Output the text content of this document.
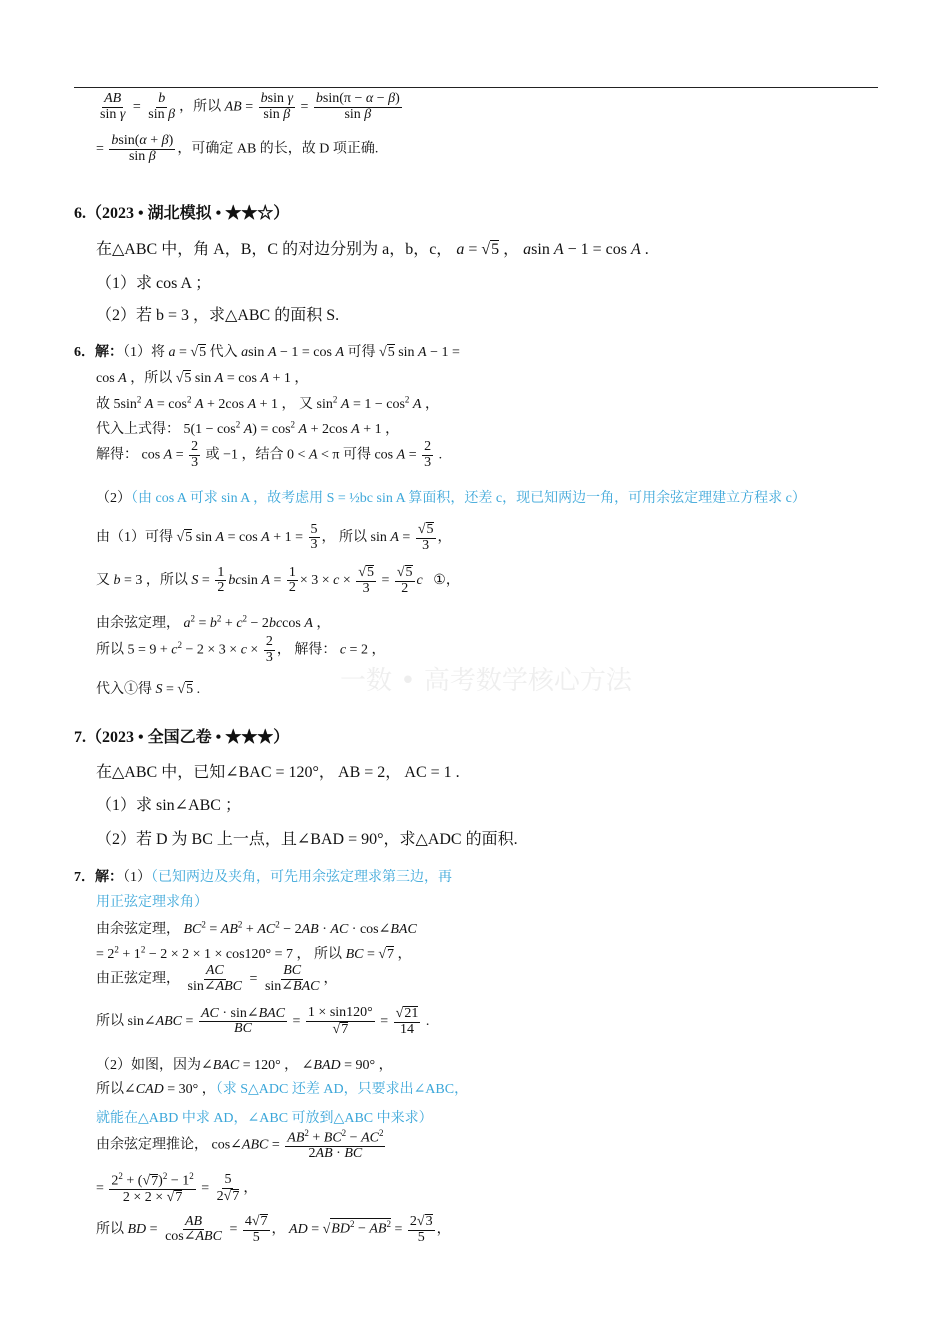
$\frac{AB}{\text{sin γ}} = \frac{b}{\text{sin β}}$ ，所以 AB = $\frac{\text{bsin γ}}{\text{sin β}} = \frac{bsin(\pi - \alpha - \beta)}{\text{sin β}}$
= $\frac{bsin(\alpha + \beta)}{\text{sin β}}$ ，可确定 AB 的长，故 D 项正确.
6.（2023 • 湖北模拟 • ★★☆）
在△ABC 中，角 A，B，C 的对边分别为 a，b，c， a = √5 ， asin A − 1 = cos A .
（1）求 cos A ；
（2）若 b = 3 ，求△ABC 的面积 S.
6．解：（1）将 a = √5 代入 asin A − 1 = cos A 可得 √5 sin A − 1 =
cos A ，所以 √5 sin A = cos A + 1 ，
故 $5\sin^2$ $A = \cos^2 A + 2\cos$ A + 1 ， 又 $\sin^2 A = 1 - \cos^2 A$ ，
代入上式得： $5(1 - \cos^2 A) = \cos^2 A + 2\cos$ A + 1 ，
解得： $\cos A = \frac{2}{3}$ 或 −1 ，结合 0 < A < π 可得 $\cos A = \frac{2}{3}$ .
（2）（由 cos A 可求 sin A ，故考虑用 S = ½bc sin A 算面积，还差 c，现已知两边一角，可用余弦定理建立方程求 c）
由（1）可得 √5 $\sin A = \cos A + 1 = \frac{5}{3}$ ， 所以 $\sin A = \frac{√5}{3}$ ，
又 b = 3 ，所以 $S = \frac{1}{2}$ bcsin $A = \frac{1}{2} \times 3 \times c \times \frac{√5}{3} = \frac{√5}{2}$ c   ①，
由余弦定理， $a^2 = b^2 + c^2 - 2bccos$ A ，
所以 $5 = 9 + c^2 - 2 \times 3 \times c \times \frac{2}{3}$ ， 解得： c = 2 ，
代入①得 S = √5 .	一数 • 高考数学核心方法
7.（2023 • 全国乙卷 • ★★★）
在△ABC 中，已知∠BAC = 120°， AB = 2， AC = 1 .
（1）求 sin∠ABC ；
（2）若 D 为 BC 上一点，且∠BAD = 90°，求△ADC 的面积.
7．解：（1）（已知两边及夹角，可先用余弦定理求第三边，再
用正弦定理求角）
由余弦定理， $BC^2 = AB^2 + AC^2 - 2AB$ · AC · cos∠BAC
= $2^2 + 1^2 - 2 \times 2 \times 1 \times \cos 120^\circ = 7$ ， 所以 BC = √7 ，
由正弦定理， $\frac{AC}{\text{sin∠ABC}} = \frac{BC}{\text{sin∠BAC}}$ ，
所以 sin∠ABC = $\frac{\text{AC · sin∠BAC}}{BC} = \frac{1 \times \sin 120^\circ}{√7} = \frac{√21}{14}$ .
（2）如图，因为∠BAC = 120° ， ∠BAD = 90° ，
所以∠CAD = 30° ，（求 S△ADC 还差 AD，只要求出∠ABC，
就能在△ABD 中求 AD，∠ABC 可放到△ABC 中来求）
由余弦定理推论， cos∠ABC = $\frac{AB^2 + BC^2 - AC^2}{2AB \cdot BC}$
= $\frac{2^2 + (√7)^2 - 1^2}{2 \times 2 \times √7} = \frac{5}{2√7}$ ，
所以 BD = $\frac{AB}{\text{cos∠ABC}} = \frac{4√7}{5}$ ， AD = $√BD^2 - AB^2 = \frac{2√3}{5}$ ，
